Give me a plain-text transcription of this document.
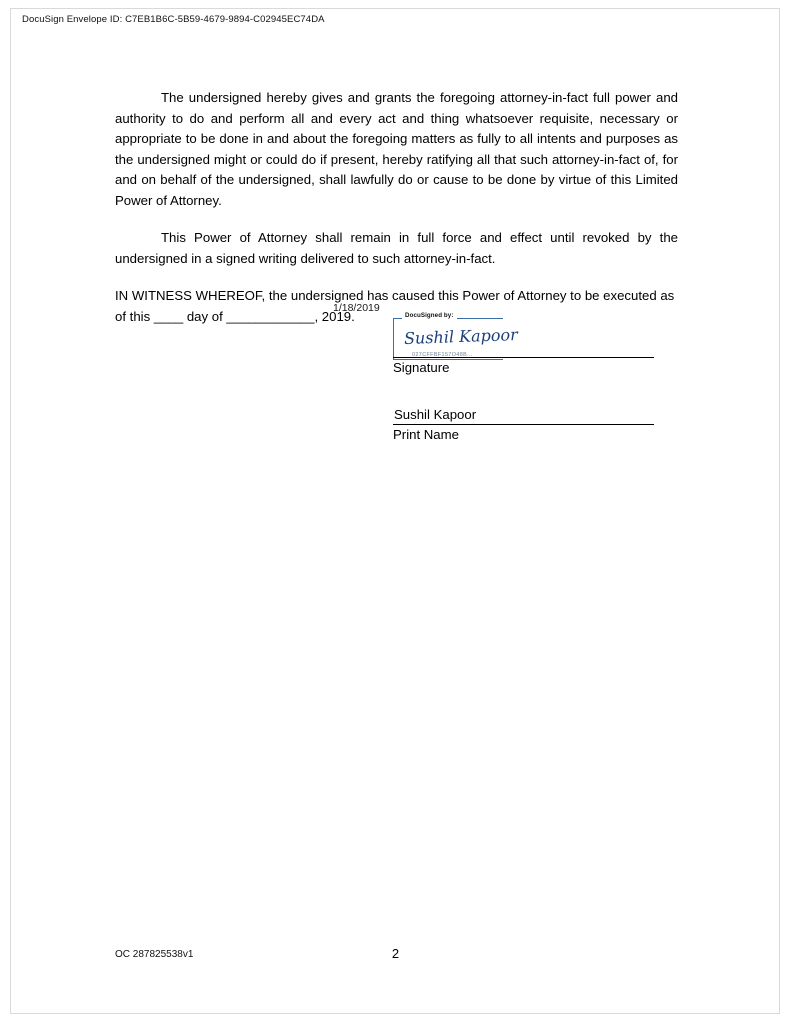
DocuSign Envelope ID: C7EB1B6C-5B59-4679-9894-C02945EC74DA

The undersigned hereby gives and grants the foregoing attorney-in-fact full power and authority to do and perform all and every act and thing whatsoever requisite, necessary or appropriate to be done in and about the foregoing matters as fully to all intents and purposes as the undersigned might or could do if present, hereby ratifying all that such attorney-in-fact of, for and on behalf of the undersigned, shall lawfully do or cause to be done by virtue of this Limited Power of Attorney.

This Power of Attorney shall remain in full force and effect until revoked by the undersigned in a signed writing delivered to such attorney-in-fact.

IN WITNESS WHEREOF, the undersigned has caused this Power of Attorney to be executed as of this ____ day of ____________, 2019.
1/18/2019

DocuSigned by:
Sushil Kapoor
027CFFBF157O48B...
Signature
Sushil Kapoor
Print Name
OC 287825538v1	2
